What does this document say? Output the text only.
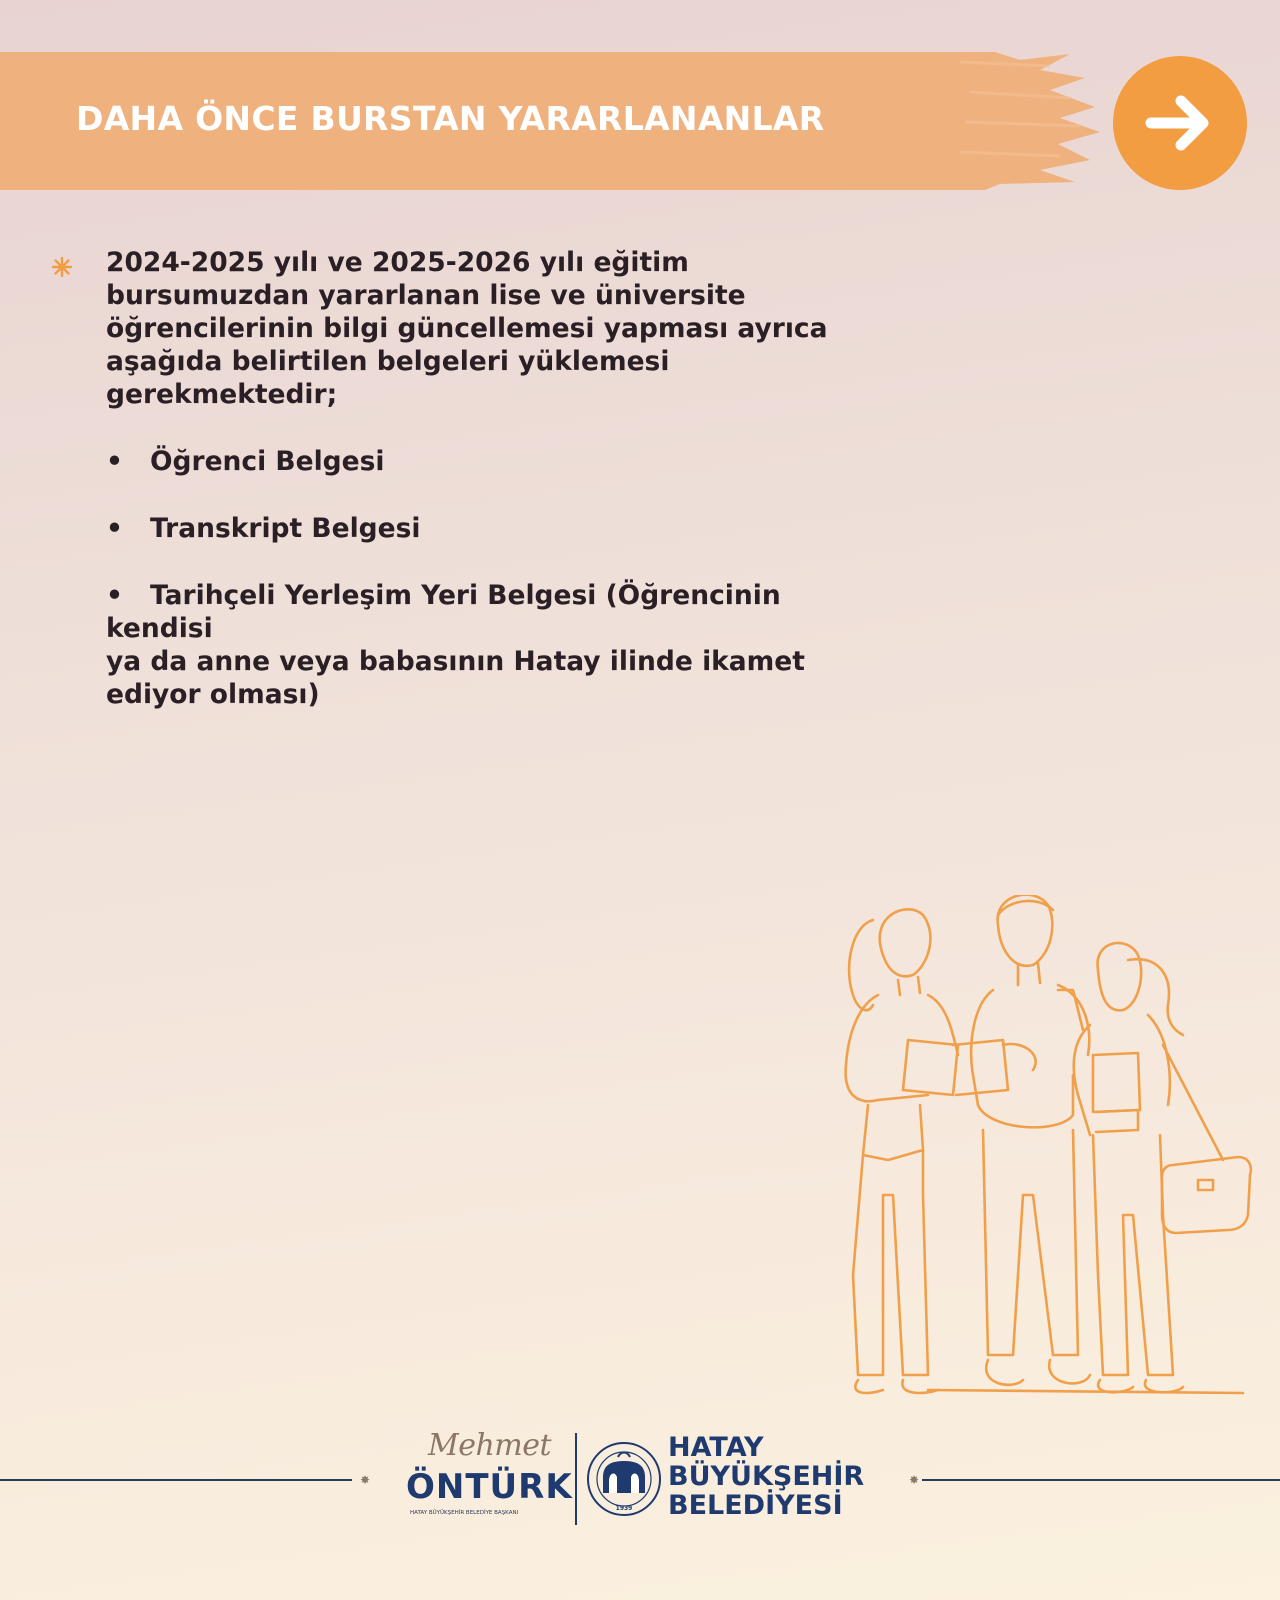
DAHA ÖNCE BURSTAN YARARLANANLAR

2024-2025 yılı ve 2025-2026 yılı eğitim
bursumuzdan yararlanan lise ve üniversite
öğrencilerinin bilgi güncellemesi yapması ayrıca
aşağıda belirtilen belgeleri yüklemesi
gerekmektedir;

• Öğrenci Belgesi

• Transkript Belgesi

• Tarihçeli Yerleşim Yeri Belgesi (Öğrencinin kendisi
ya da anne veya babasının Hatay ilinde ikamet
ediyor olması)

✸	✸

Mehmet

ÖNTÜRK

HATAY BÜYÜKŞEHİR BELEDİYE BAŞKANI

1939

HATAY
BÜYÜKŞEHİR
BELEDİYESİ
